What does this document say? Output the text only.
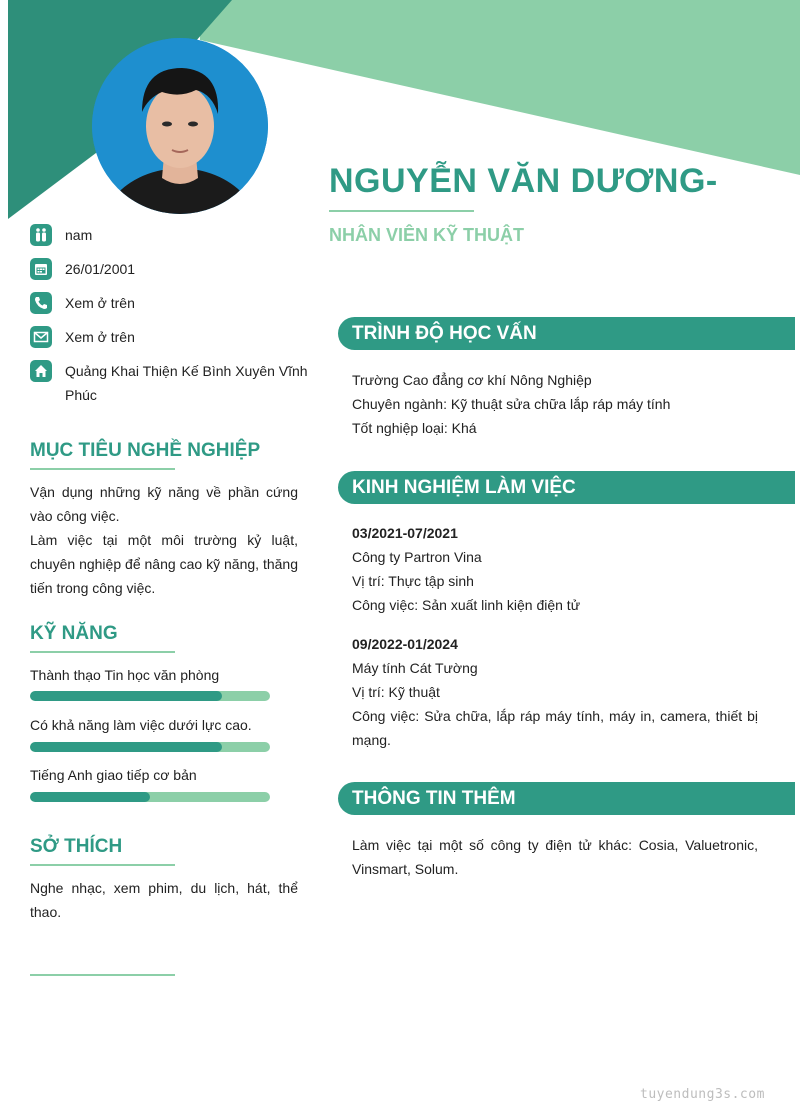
NGUYỄN VĂN DƯƠNG-
NHÂN VIÊN KỸ THUẬT
nam
26/01/2001
Xem ở trên
Xem ở trên
Quảng Khai Thiện Kế Bình Xuyên Vĩnh Phúc
MỤC TIÊU NGHỀ NGHIỆP

Vận dụng những kỹ năng về phần cứng vào công việc.

Làm việc tại một môi trường kỷ luật, chuyên nghiệp để nâng cao kỹ năng, thăng tiến trong công việc.

KỸ NĂNG
Thành thạo Tin học văn phòng
Có khả năng làm việc dưới lực cao.
Tiếng Anh giao tiếp cơ bản
SỞ THÍCH

Nghe nhạc, xem phim, du lịch, hát, thể thao.

TRÌNH ĐỘ HỌC VẤN

Trường Cao đẳng cơ khí Nông Nghiệp

Chuyên ngành: Kỹ thuật sửa chữa lắp ráp máy tính

Tốt nghiệp loại: Khá

KINH NGHIỆM LÀM VIỆC

03/2021-07/2021

Công ty Partron Vina

Vị trí: Thực tập sinh

Công việc: Sản xuất linh kiện điện tử

09/2022-01/2024

Máy tính Cát Tường

Vị trí: Kỹ thuật

Công việc: Sửa chữa, lắp ráp máy tính, máy in, camera, thiết bị mạng.

THÔNG TIN THÊM

Làm việc tại một số công ty điện tử khác: Cosia, Valuetronic, Vinsmart, Solum.

tuyendung3s.com
